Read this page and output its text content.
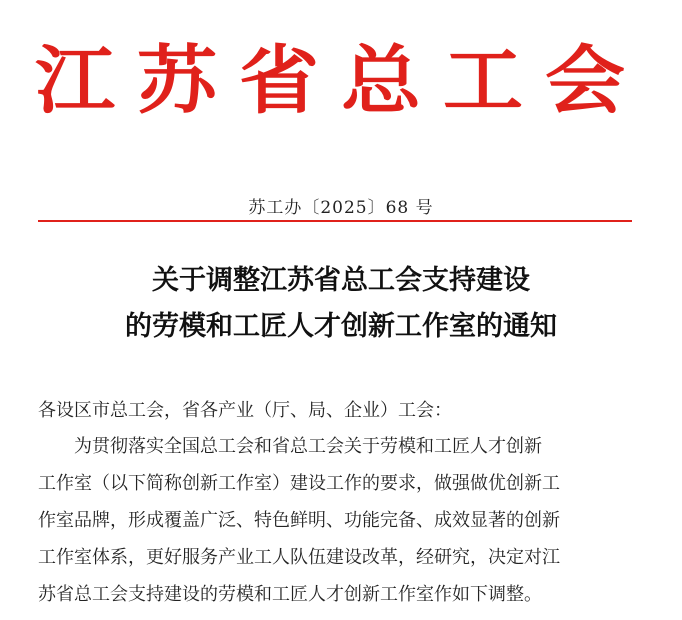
江苏省总工会
苏工办〔2025〕68 号
关于调整江苏省总工会支持建设
的劳模和工匠人才创新工作室的通知
各设区市总工会，省各产业（厅、局、企业）工会：
为贯彻落实全国总工会和省总工会关于劳模和工匠人才创新
工作室（以下简称创新工作室）建设工作的要求，做强做优创新工
作室品牌，形成覆盖广泛、特色鲜明、功能完备、成效显著的创新
工作室体系，更好服务产业工人队伍建设改革，经研究，决定对江
苏省总工会支持建设的劳模和工匠人才创新工作室作如下调整。
